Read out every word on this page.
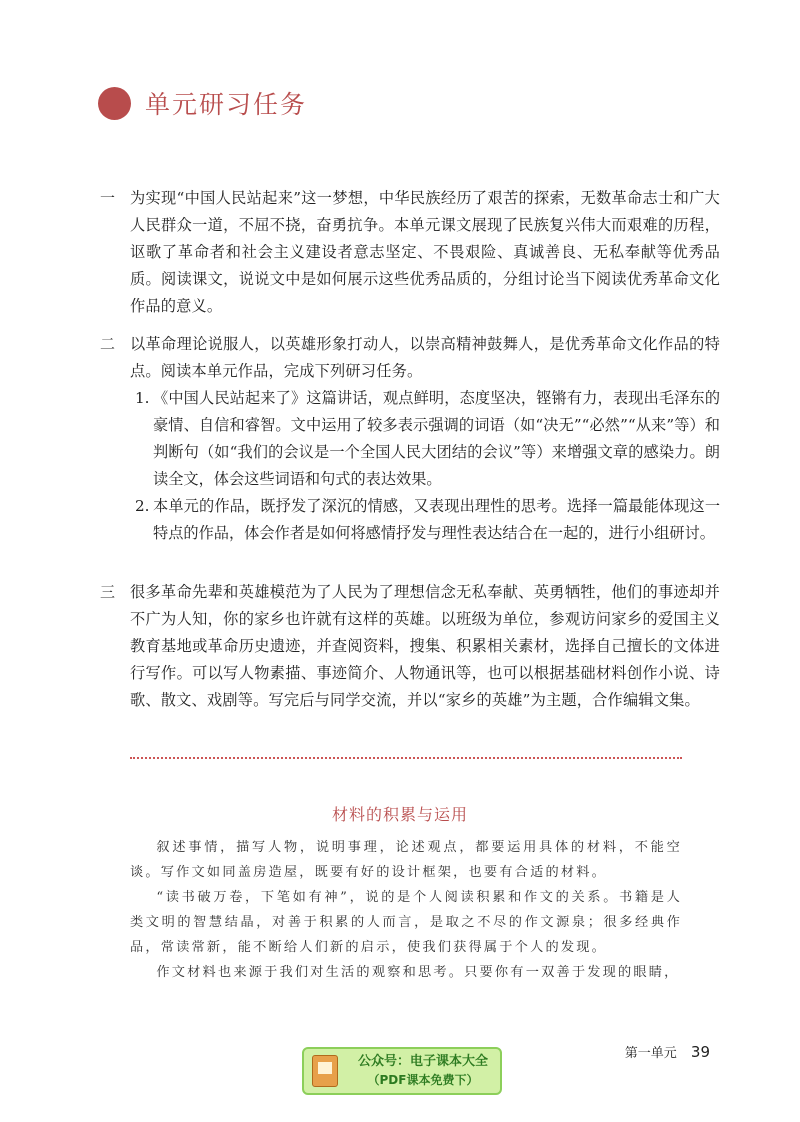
单元研习任务
一 为实现“中国人民站起来”这一梦想，中华民族经历了艰苦的探索，无数革命志士和广大人民群众一道，不屈不挠，奋勇抗争。本单元课文展现了民族复兴伟大而艰难的历程，讴歌了革命者和社会主义建设者意志坚定、不畏艰险、真诚善良、无私奉献等优秀品质。阅读课文，说说文中是如何展示这些优秀品质的，分组讨论当下阅读优秀革命文化作品的意义。

二 以革命理论说服人，以英雄形象打动人，以崇高精神鼓舞人，是优秀革命文化作品的特点。阅读本单元作品，完成下列研习任务。

1. 《中国人民站起来了》这篇讲话，观点鲜明，态度坚决，铿锵有力，表现出毛泽东的豪情、自信和睿智。文中运用了较多表示强调的词语（如“决无”“必然”“从来”等）和判断句（如“我们的会议是一个全国人民大团结的会议”等）来增强文章的感染力。朗读全文，体会这些词语和句式的表达效果。
2. 本单元的作品，既抒发了深沉的情感，又表现出理性的思考。选择一篇最能体现这一特点的作品，体会作者是如何将感情抒发与理性表达结合在一起的，进行小组研讨。
三 很多革命先辈和英雄模范为了人民为了理想信念无私奉献、英勇牺牲，他们的事迹却并不广为人知，你的家乡也许就有这样的英雄。以班级为单位，参观访问家乡的爱国主义教育基地或革命历史遗迹，并查阅资料，搜集、积累相关素材，选择自己擅长的文体进行写作。可以写人物素描、事迹简介、人物通讯等，也可以根据基础材料创作小说、诗歌、散文、戏剧等。写完后与同学交流，并以“家乡的英雄”为主题，合作编辑文集。

材料的积累与运用

叙述事情，描写人物，说明事理，论述观点，都要运用具体的材料，不能空谈。写作文如同盖房造屋，既要有好的设计框架，也要有合适的材料。

“读书破万卷，下笔如有神”，说的是个人阅读积累和作文的关系。书籍是人类文明的智慧结晶，对善于积累的人而言，是取之不尽的作文源泉；很多经典作品，常读常新，能不断给人们新的启示，使我们获得属于个人的发现。

作文材料也来源于我们对生活的观察和思考。只要你有一双善于发现的眼睛，

公众号：电子课本大全
（PDF课本免费下）
第一单元 39
